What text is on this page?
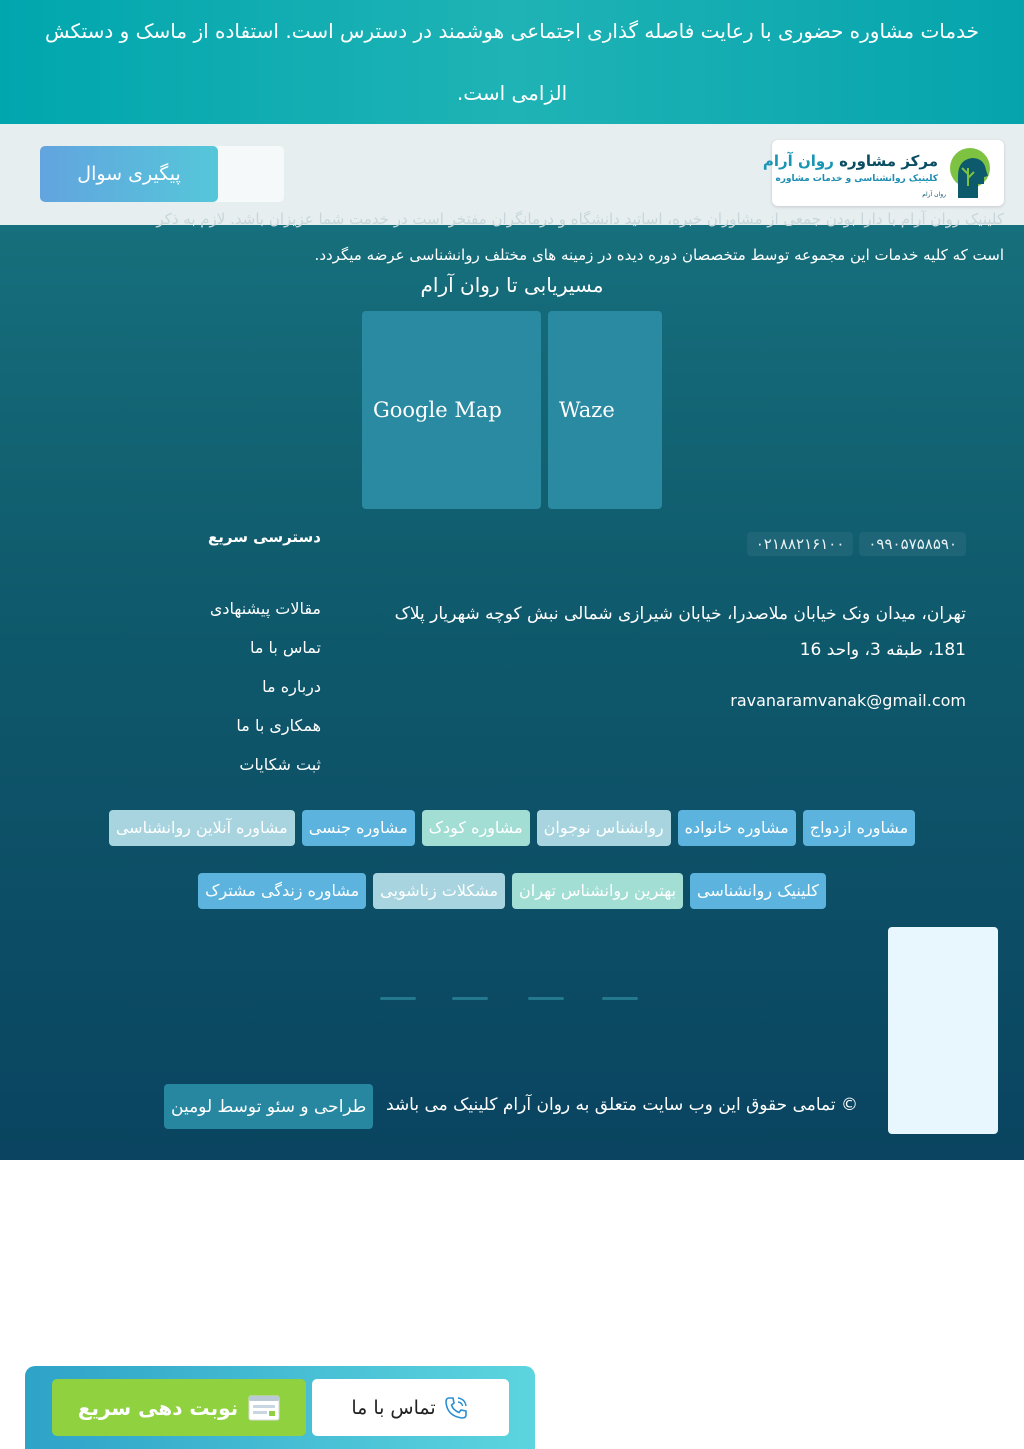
خدمات مشاوره حضوری با رعایت فاصله گذاری اجتماعی هوشمند در دسترس است. استفاده از ماسک و دستکش الزامی است.
روان آرام
مرکز مشاوره روان آرام
کلینیک روانشناسی و خدمات مشاوره
پیگیری سوال
کلینیک روان آرام با دارا بودن جمعی از مشاوران خبره، اساتید دانشگاه و درمانگران مفتخر است در خدمت شما عزیزان باشد. لازم به ذکر
است که کلیه خدمات این مجموعه توسط متخصصان دوره دیده در زمینه های مختلف روانشناسی عرضه میگردد.
مسیریابی تا روان آرام
Google Map	Waze
دسترسی سریع
مقالات پیشنهادی
تماس با ما
درباره ما
همکاری با ما
ثبت شکایات
۰۹۹۰۵۷۵۸۵۹۰
۰۲۱۸۸۲۱۶۱۰۰
تهران، میدان ونک خیابان ملاصدرا، خیابان شیرازی شمالی نبش کوچه شهریار پلاک 181، طبقه 3، واحد 16
ravanaramvanak@gmail.com
مشاوره ازدواج
مشاوره خانواده
روانشناس نوجوان
مشاوره کودک
مشاوره جنسی
مشاوره آنلاین روانشناسی
کلینیک روانشناسی
بهترین روانشناس تهران
مشکلات زناشویی
مشاوره زندگی مشترک
© تمامی حقوق این وب سایت متعلق به روان آرام کلینیک می باشد
طراحی و سئو توسط لومین
تماس با ما
نوبت دهی سریع
